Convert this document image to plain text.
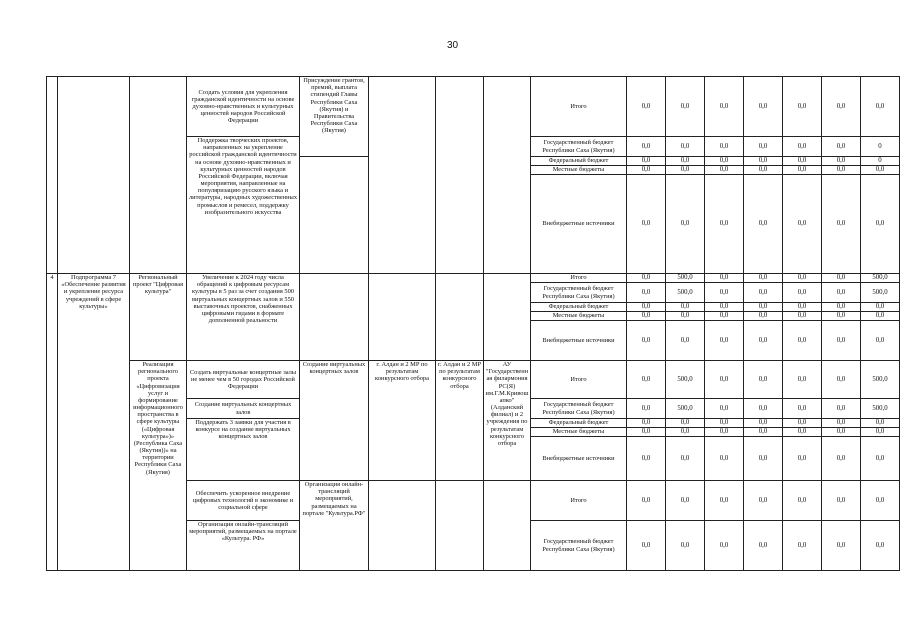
30
			Создать условия для укрепления гражданской идентичности на основе духовно-нравственных и культурных ценностей народов Российской Федерации	Присуждение грантов, премий, выплата стипендий Главы Республики Саха (Якутия) и Правительства Республики Саха (Якутия)				Итого	0,0	0,0	0,0	0,0	0,0	0,0	0,0
			Поддержка творческих проектов, направленных на укрепление российской гражданской идентичности на основе духовно-нравственных и культурных ценностей народов Российской Федерации, включая мероприятия, направленные на популяризацию русского языка и литературы, народных художественных промыслов и ремесел, поддержку изобразительного искусства					Государственный бюджет Республики Саха (Якутия)	0,0	0,0	0,0	0,0	0,0	0,0	0
								Федеральный бюджет	0,0	0,0	0,0	0,0	0,0	0,0	0
								Местные бюджеты	0,0	0,0	0,0	0,0	0,0	0,0	0,0
								Внебюджетные источники	0,0	0,0	0,0	0,0	0,0	0,0	0,0
4	Подпрограмма 7 «Обеспечение развития и укрепление ресурса учреждений в сфере культуры»	Региональный проект "Цифровая культура"	Увеличение к 2024 году числа обращений к цифровым ресурсам культуры в 5 раз за счет создания 500 виртуальных концертных залов и 550 выставочных проектов, снабженных цифровыми гидами в формате дополненной реальности					Итого	0,0	500,0	0,0	0,0	0,0	0,0	500,0
								Государственный бюджет Республики Саха (Якутия)	0,0	500,0	0,0	0,0	0,0	0,0	500,0
								Федеральный бюджет	0,0	0,0	0,0	0,0	0,0	0,0	0,0
								Местные бюджеты	0,0	0,0	0,0	0,0	0,0	0,0	0,0
								Внебюджетные источники	0,0	0,0	0,0	0,0	0,0	0,0	0,0
		Реализация регионального проекта «Цифровизация услуг и формирование информационного пространства в сфере культуры («Цифровая культура»)» (Республика Саха (Якутия))» на территории Республики Саха (Якутия)	Создать виртуальные концертные залы не менее чем в 50 городах Российской Федерации	Создание виртуальных концертных залов	г. Алдан и 2 МР по результатам конкурсного отбора	г. Алдан и 2 МР по результатам конкурсного отбора	АУ "Государственная филармония РС(Я) им.Г.М.Кривошапко" (Алданский филиал) и 2 учреждения по результатам конкурсного отбора	Итого	0,0	500,0	0,0	0,0	0,0	0,0	500,0
			Создание виртуальных концертных залов					Государственный бюджет Республики Саха (Якутия)	0,0	500,0	0,0	0,0	0,0	0,0	500,0
			Поддержать 3 заявки для участия в конкурсе на создание виртуальных концертных залов					Федеральный бюджет	0,0	0,0	0,0	0,0	0,0	0,0	0,0
								Местные бюджеты	0,0	0,0	0,0	0,0	0,0	0,0	0,0
								Внебюджетные источники	0,0	0,0	0,0	0,0	0,0	0,0	0,0
			Обеспечить ускоренное внедрение цифровых технологий в экономике и социальной сфере	Организация онлайн-трансляций мероприятий, размещаемых на портале "Культура.РФ"				Итого	0,0	0,0	0,0	0,0	0,0	0,0	0,0
			Организация онлайн-трансляций мероприятий, размещаемых на портале «Культура. РФ»					Государственный бюджет Республики Саха (Якутия)	0,0	0,0	0,0	0,0	0,0	0,0	0,0
